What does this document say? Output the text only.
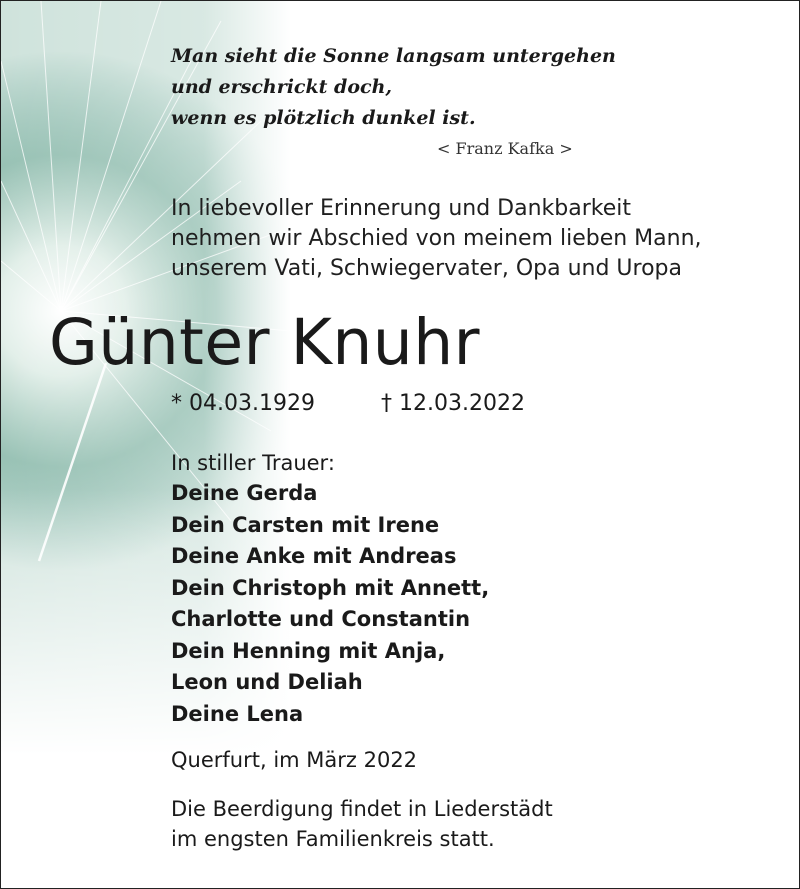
Man sieht die Sonne langsam untergehen
und erschrickt doch,
wenn es plötzlich dunkel ist.
< Franz Kafka >
In liebevoller Erinnerung und Dankbarkeit
nehmen wir Abschied von meinem lieben Mann,
unserem Vati, Schwiegervater, Opa und Uropa
Günter Knuhr
* 04.03.1929	† 12.03.2022
In stiller Trauer:
Deine Gerda
Dein Carsten mit Irene
Deine Anke mit Andreas
Dein Christoph mit Annett,
Charlotte und Constantin
Dein Henning mit Anja,
Leon und Deliah
Deine Lena
Querfurt, im März 2022
Die Beerdigung findet in Liederstädt
im engsten Familienkreis statt.
